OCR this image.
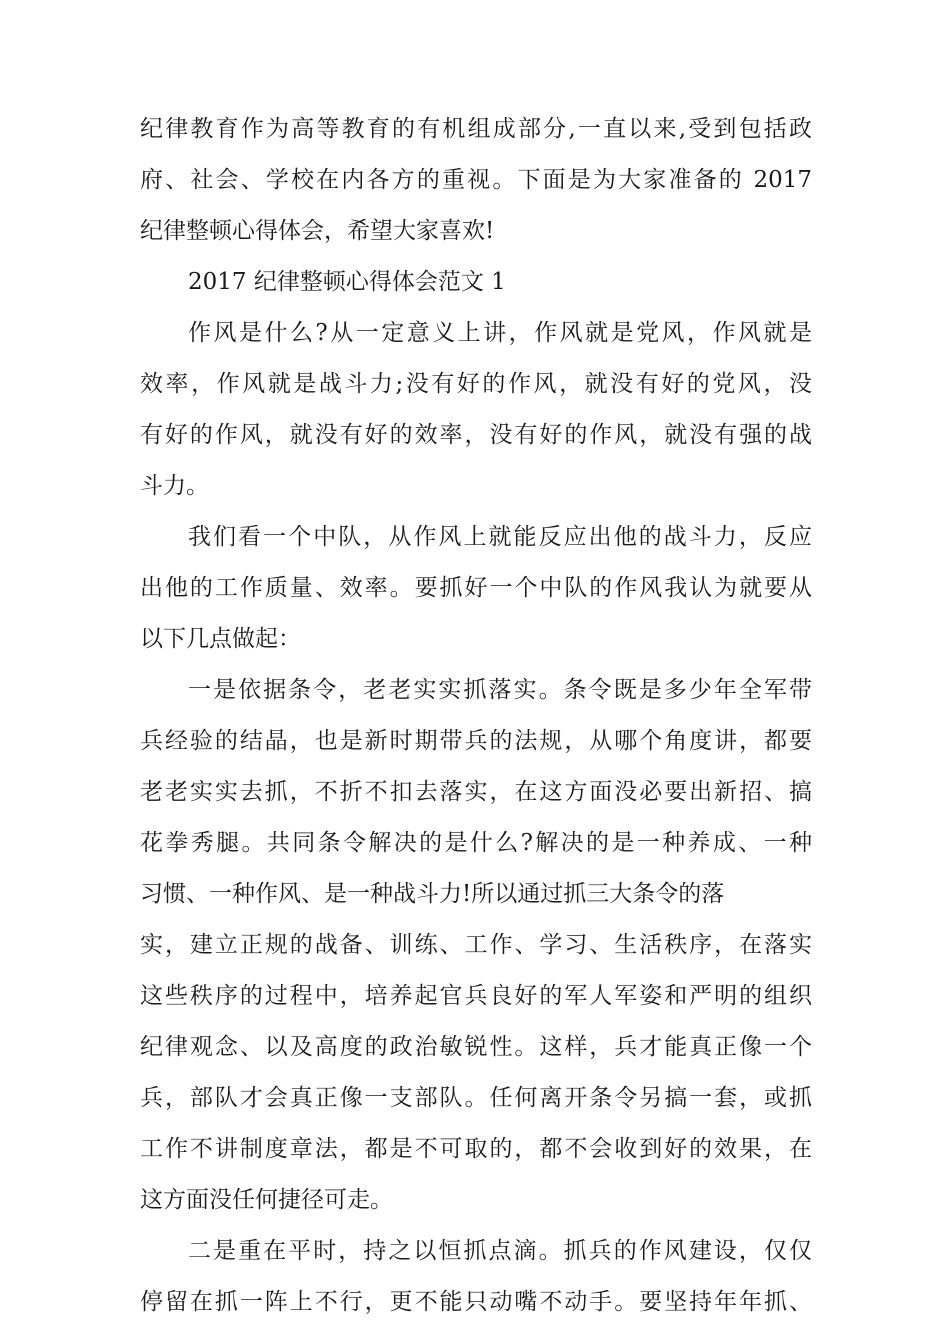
纪律教育作为高等教育的有机组成部分,一直以来,受到包括政
府、社会、学校在内各方的重视。下面是为大家准备的 2017
纪律整顿心得体会，希望大家喜欢!
2017 纪律整顿心得体会范文 1
作风是什么?从一定意义上讲，作风就是党风，作风就是
效率，作风就是战斗力;没有好的作风，就没有好的党风，没
有好的作风，就没有好的效率，没有好的作风，就没有强的战
斗力。
我们看一个中队，从作风上就能反应出他的战斗力，反应
出他的工作质量、效率。要抓好一个中队的作风我认为就要从
以下几点做起：
一是依据条令，老老实实抓落实。条令既是多少年全军带
兵经验的结晶，也是新时期带兵的法规，从哪个角度讲，都要
老老实实去抓，不折不扣去落实，在这方面没必要出新招、搞
花拳秀腿。共同条令解决的是什么?解决的是一种养成、一种
习惯、一种作风、是一种战斗力!所以通过抓三大条令的落
实，建立正规的战备、训练、工作、学习、生活秩序，在落实
这些秩序的过程中，培养起官兵良好的军人军姿和严明的组织
纪律观念、以及高度的政治敏锐性。这样，兵才能真正像一个
兵，部队才会真正像一支部队。任何离开条令另搞一套，或抓
工作不讲制度章法，都是不可取的，都不会收到好的效果，在
这方面没任何捷径可走。
二是重在平时，持之以恒抓点滴。抓兵的作风建设，仅仅
停留在抓一阵上不行，更不能只动嘴不动手。要坚持年年抓、
